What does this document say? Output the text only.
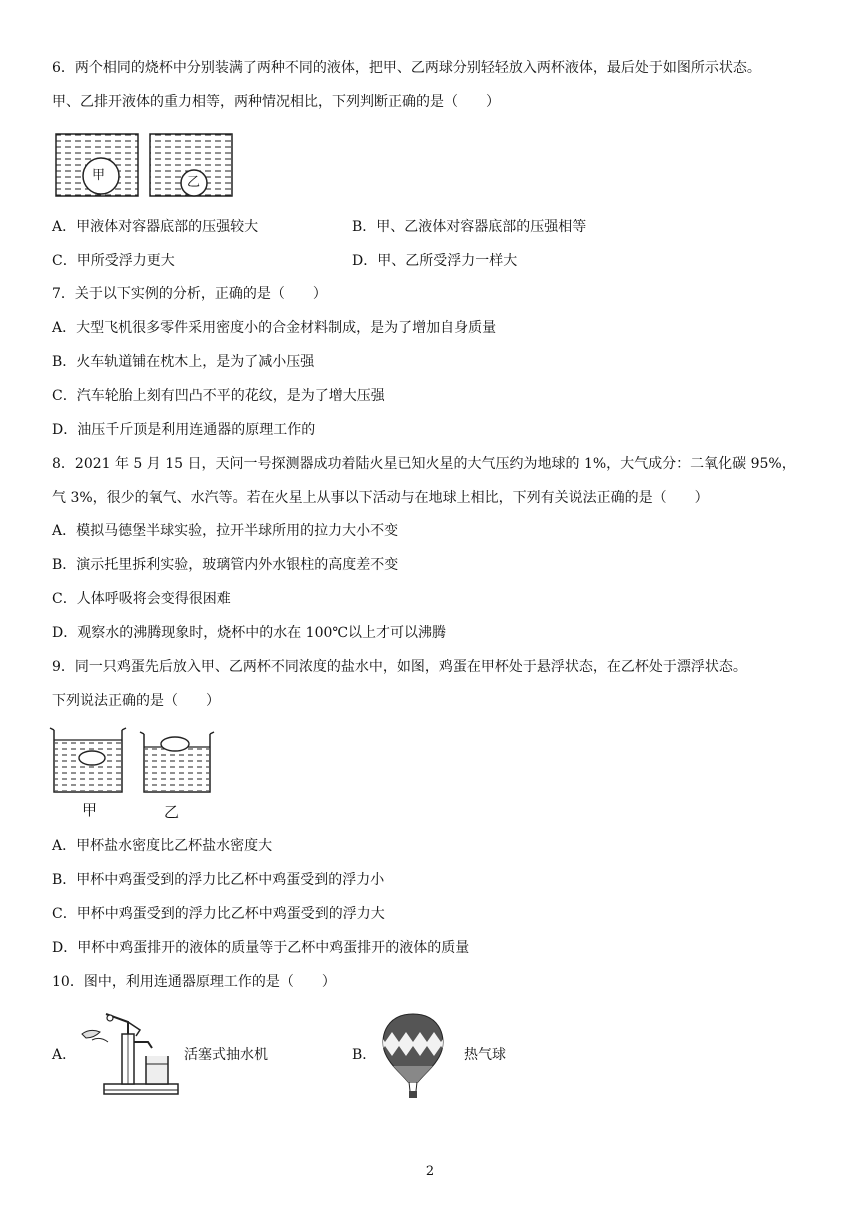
6．两个相同的烧杯中分别装满了两种不同的液体，把甲、乙两球分别轻轻放入两杯液体，最后处于如图所示状态。
甲、乙排开液体的重力相等，两种情况相比，下列判断正确的是（　　）
甲	乙
A．甲液体对容器底部的压强较大	B．甲、乙液体对容器底部的压强相等
C．甲所受浮力更大	D．甲、乙所受浮力一样大
7．关于以下实例的分析，正确的是（　　）
A．大型飞机很多零件采用密度小的合金材料制成，是为了增加自身质量
B．火车轨道铺在枕木上，是为了减小压强
C．汽车轮胎上刻有凹凸不平的花纹，是为了增大压强
D．油压千斤顶是利用连通器的原理工作的
8．2021 年 5 月 15 日，天问一号探测器成功着陆火星已知火星的大气压约为地球的 1%，大气成分：二氧化碳 95%，
气 3%，很少的氧气、水汽等。若在火星上从事以下活动与在地球上相比，下列有关说法正确的是（　　）
A．模拟马德堡半球实验，拉开半球所用的拉力大小不变
B．演示托里拆利实验，玻璃管内外水银柱的高度差不变
C．人体呼吸将会变得很困难
D．观察水的沸腾现象时，烧杯中的水在 100℃以上才可以沸腾
9．同一只鸡蛋先后放入甲、乙两杯不同浓度的盐水中，如图，鸡蛋在甲杯处于悬浮状态，在乙杯处于漂浮状态。
下列说法正确的是（　　）
甲	乙
A．甲杯盐水密度比乙杯盐水密度大
B．甲杯中鸡蛋受到的浮力比乙杯中鸡蛋受到的浮力小
C．甲杯中鸡蛋受到的浮力比乙杯中鸡蛋受到的浮力大
D．甲杯中鸡蛋排开的液体的质量等于乙杯中鸡蛋排开的液体的质量
10．图中，利用连通器原理工作的是（　　）
A．	活塞式抽水机	B．	热气球
2
